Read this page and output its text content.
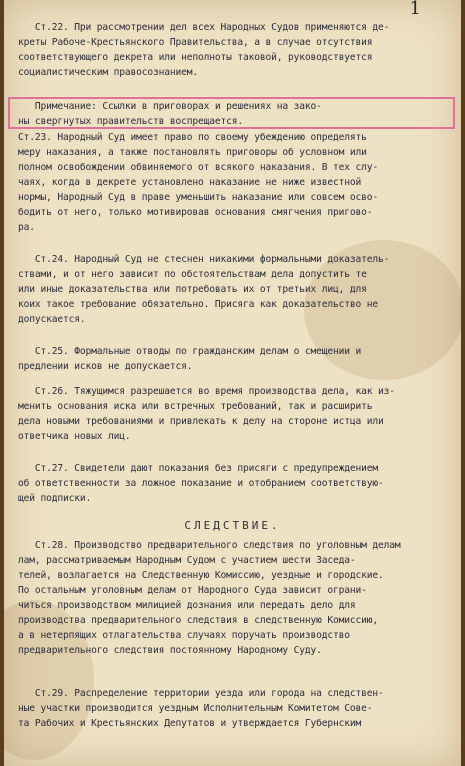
1
Ст.22. При рассмотрении дел всех Народных Судов применяются де-
креты Рабоче-Крестьянского Правительства, а в случае отсутствия
соответствующего декрета или неполноты таковой, руководствуется
социалистическим правосознанием.
Примечание: Ссылки в приговорах и решениях на зако-
ны свергнутых правительств воспрещается.
Ст.23. Народный Суд имеет право по своему убеждению определять
меру наказания, а также постановлять приговоры об условном или
полном освобождении обвиняемого от всякого наказания. В тех слу-
чаях, когда в декрете установлено наказание не ниже известной
нормы, Народный Суд в праве уменьшить наказание или совсем осво-
бодить от него, только мотивировав основания смягчения пригово-
ра.
Ст.24. Народный Суд не стеснен никакими формальными доказатель-
ствами, и от него зависит по обстоятельствам дела допустить те
или иные доказательства или потребовать их от третьих лиц, для
коих такое требование обязательно. Присяга как доказательство не
допускается.
Ст.25. Формальные отводы по гражданским делам о смещении и
предлении исков не допускается.
Ст.26. Тяжущимся разрешается во время производства дела, как из-
менить основания иска или встречных требований, так и расширить
дела новыми требованиями и привлекать к делу на стороне истца или
ответчика новых лиц.
Ст.27. Свидетели дают показания без присяги с предупреждением
об ответственности за ложное показание и отобранием соответствую-
щей подписки.
СЛЕДСТВИЕ.
Ст.28. Производство предварительного следствия по уголовным делам
лам, рассматриваемым Народным Судом с участием шести Заседа-
телей, возлагается на Следственную Комиссию, уездные и городские.
По остальным уголовным делам от Народного Суда зависит ограни-
читься производством милицией дознания или передать дело для
производства предварительного следствия в следственную Комиссию,
а в нетерпящих отлагательства случаях поручать производство
предварительного следствия постоянному Народному Суду.
Ст.29. Распределение территории уезда или города на следствен-
ные участки производится уездным Исполнительным Комитетом Сове-
та Рабочих и Крестьянских Депутатов и утверждается Губернским
